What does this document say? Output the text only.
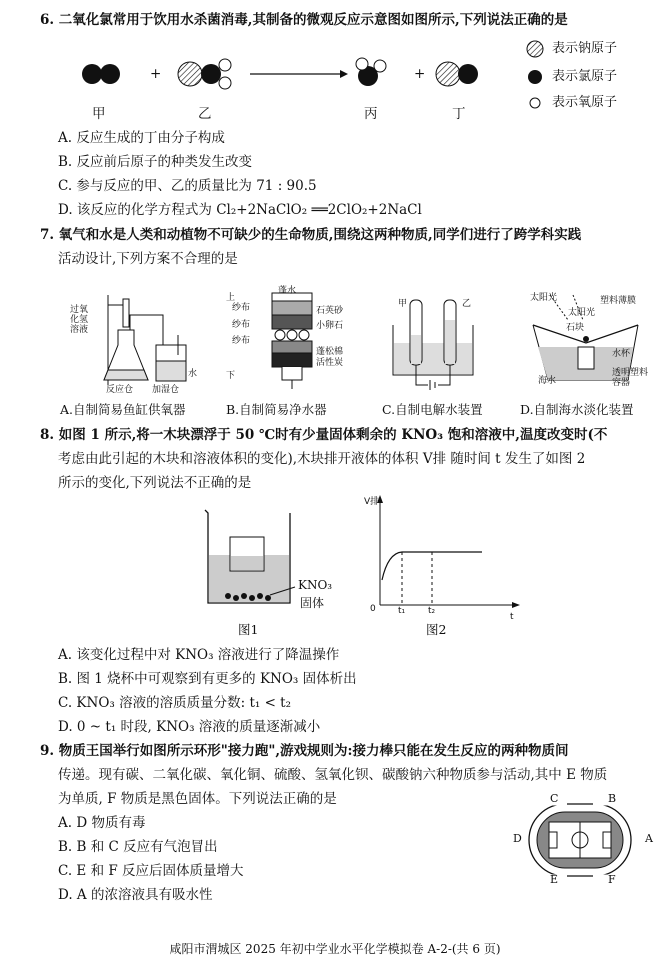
6. 二氧化氯常用于饮用水杀菌消毒,其制备的微观反应示意图如图所示,下列说法正确的是
+	+
表示钠原子
表示氯原子
表示氧原子
甲	乙	丙	丁
A. 反应生成的丁由分子构成
B. 反应前后原子的种类发生改变
C. 参与反应的甲、乙的质量比为 71 : 90.5
D. 该反应的化学方程式为 Cl₂+2NaClO₂ ══2ClO₂+2NaCl
7. 氧气和水是人类和动植物不可缺少的生命物质,围绕这两种物质,同学们进行了跨学科实践
活动设计,下列方案不合理的是
过氧化氢溶液
反应仓 加湿仓
水
蓬水
纱布
纱布
纱布
石英砂
小卵石
蓬松棉
活性炭
上
下
甲	乙
太阳光
太阳光
塑料薄膜
水杯
海水
透明塑料容器
石块
A.自制简易鱼缸供氧器	B.自制简易净水器	C.自制电解水装置	D.自制海水淡化装置
8. 如图 1 所示,将一木块漂浮于 50 ℃时有少量固体剩余的 KNO₃ 饱和溶液中,温度改变时(不
考虑由此引起的木块和溶液体积的变化),木块排开液体的体积 V排 随时间 t 发生了如图 2
所示的变化,下列说法不正确的是
KNO₃
固体
图1
V排
t
0 t₁	t₂
图2
A. 该变化过程中对 KNO₃ 溶液进行了降温操作
B. 图 1 烧杯中可观察到有更多的 KNO₃ 固体析出
C. KNO₃ 溶液的溶质质量分数: t₁ < t₂
D. 0 ~ t₁ 时段, KNO₃ 溶液的质量逐渐减小
9. 物质王国举行如图所示环形"接力跑",游戏规则为:接力棒只能在发生反应的两种物质间
传递。现有碳、二氧化碳、氧化铜、硫酸、氢氧化钡、碳酸钠六种物质参与活动,其中 E 物质
为单质, F 物质是黑色固体。下列说法正确的是
A. D 物质有毒
B. B 和 C 反应有气泡冒出
C. E 和 F 反应后固体质量增大
D. A 的浓溶液具有吸水性
C	B
A
F
E
D
咸阳市渭城区 2025 年初中学业水平化学模拟卷 A-2-(共 6 页)
